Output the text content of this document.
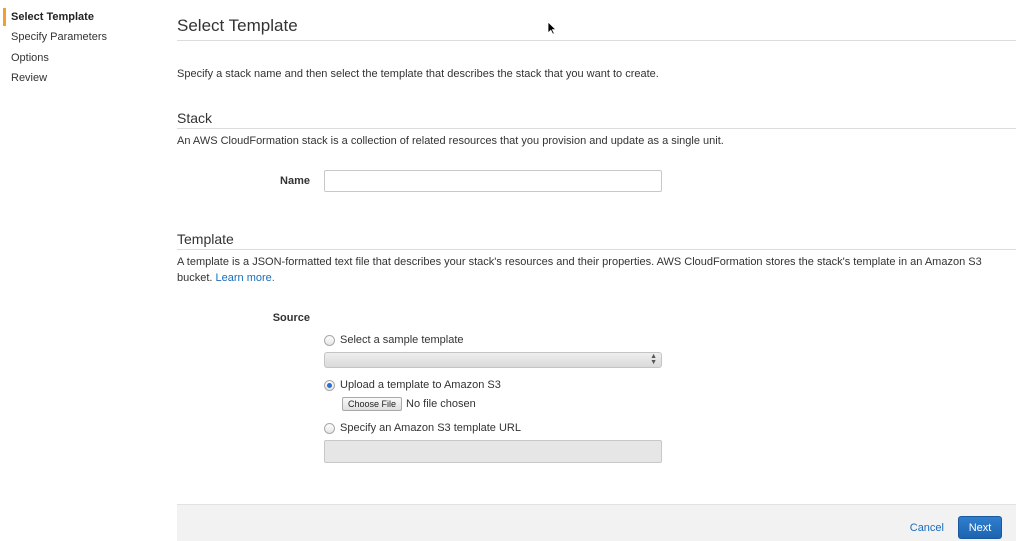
Select Template
Specify Parameters
Options
Review
Select Template
Specify a stack name and then select the template that describes the stack that you want to create.
Stack
An AWS CloudFormation stack is a collection of related resources that you provision and update as a single unit.
Name
Template
A template is a JSON-formatted text file that describes your stack's resources and their properties. AWS CloudFormation stores the stack's template in an Amazon S3 bucket. Learn more.
Source
Select a sample template
▲
▼
Upload a template to Amazon S3
Choose File No file chosen
Specify an Amazon S3 template URL
Cancel	Next
